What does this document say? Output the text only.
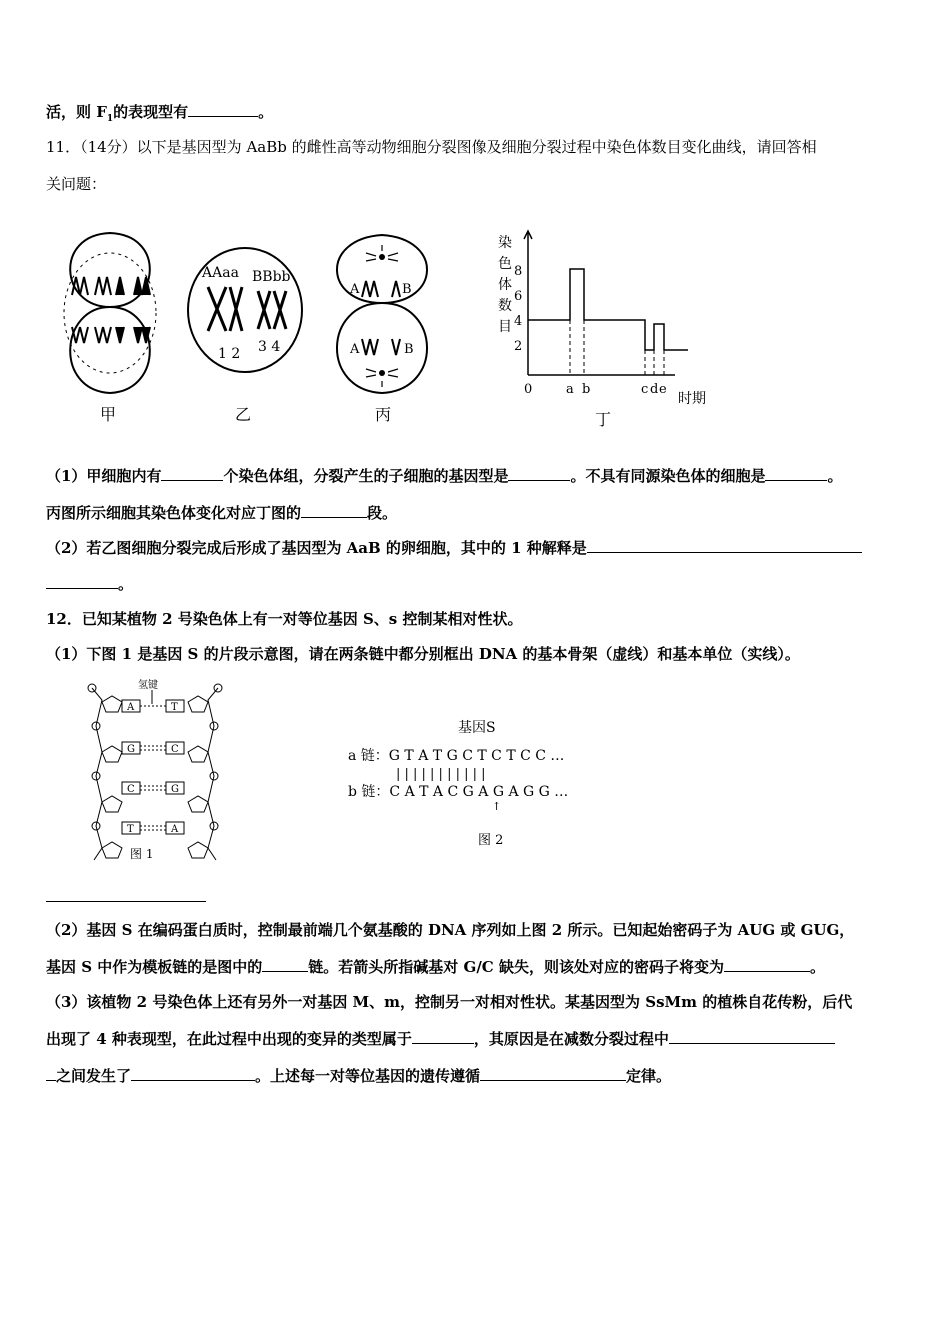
活，则 $F_1$的表现型有	。
11．（14分）以下是基因型为 AaBb 的雌性高等动物细胞分裂图像及细胞分裂过程中染色体数目变化曲线，请回答相
关问题：
甲
AAaa BBbb
1 2 3 4
乙
A	B
A	B
丙
染
色
体
数
目
8
6
4
2
0	a b	c d e
时期
丁
（1）甲细胞内有	个染色体组，分裂产生的子细胞的基因型是	。不具有同源染色体的细胞是	。
丙图所示细胞其染色体变化对应丁图的	段。
（2）若乙图细胞分裂完成后形成了基因型为 AaB 的卵细胞，其中的 1 种解释是
。
12．已知某植物 2 号染色体上有一对等位基因 S、s 控制某相对性状。
（1）下图 1 是基因 S 的片段示意图，请在两条链中都分别框出 DNA 的基本骨架（虚线）和基本单位（实线）。
氢键
A
G
C
T
T
C
G
A
图 1
基因S
a 链：G T A T G C T C T C C …
| | | | | | | | | | |
b 链：C A T A C G A G A G G …
↑
图 2
（2）基因 S 在编码蛋白质时，控制最前端几个氨基酸的 DNA 序列如上图 2 所示。已知起始密码子为 AUG 或 GUG，
基因 S 中作为模板链的是图中的	链。若箭头所指碱基对 G/C 缺失，则该处对应的密码子将变为	。
（3）该植物 2 号染色体上还有另外一对基因 M、m，控制另一对相对性状。某基因型为 SsMm 的植株自花传粉，后代
出现了 4 种表现型，在此过程中出现的变异的类型属于	，其原因是在减数分裂过程中
之间发生了	。上述每一对等位基因的遗传遵循	定律。
